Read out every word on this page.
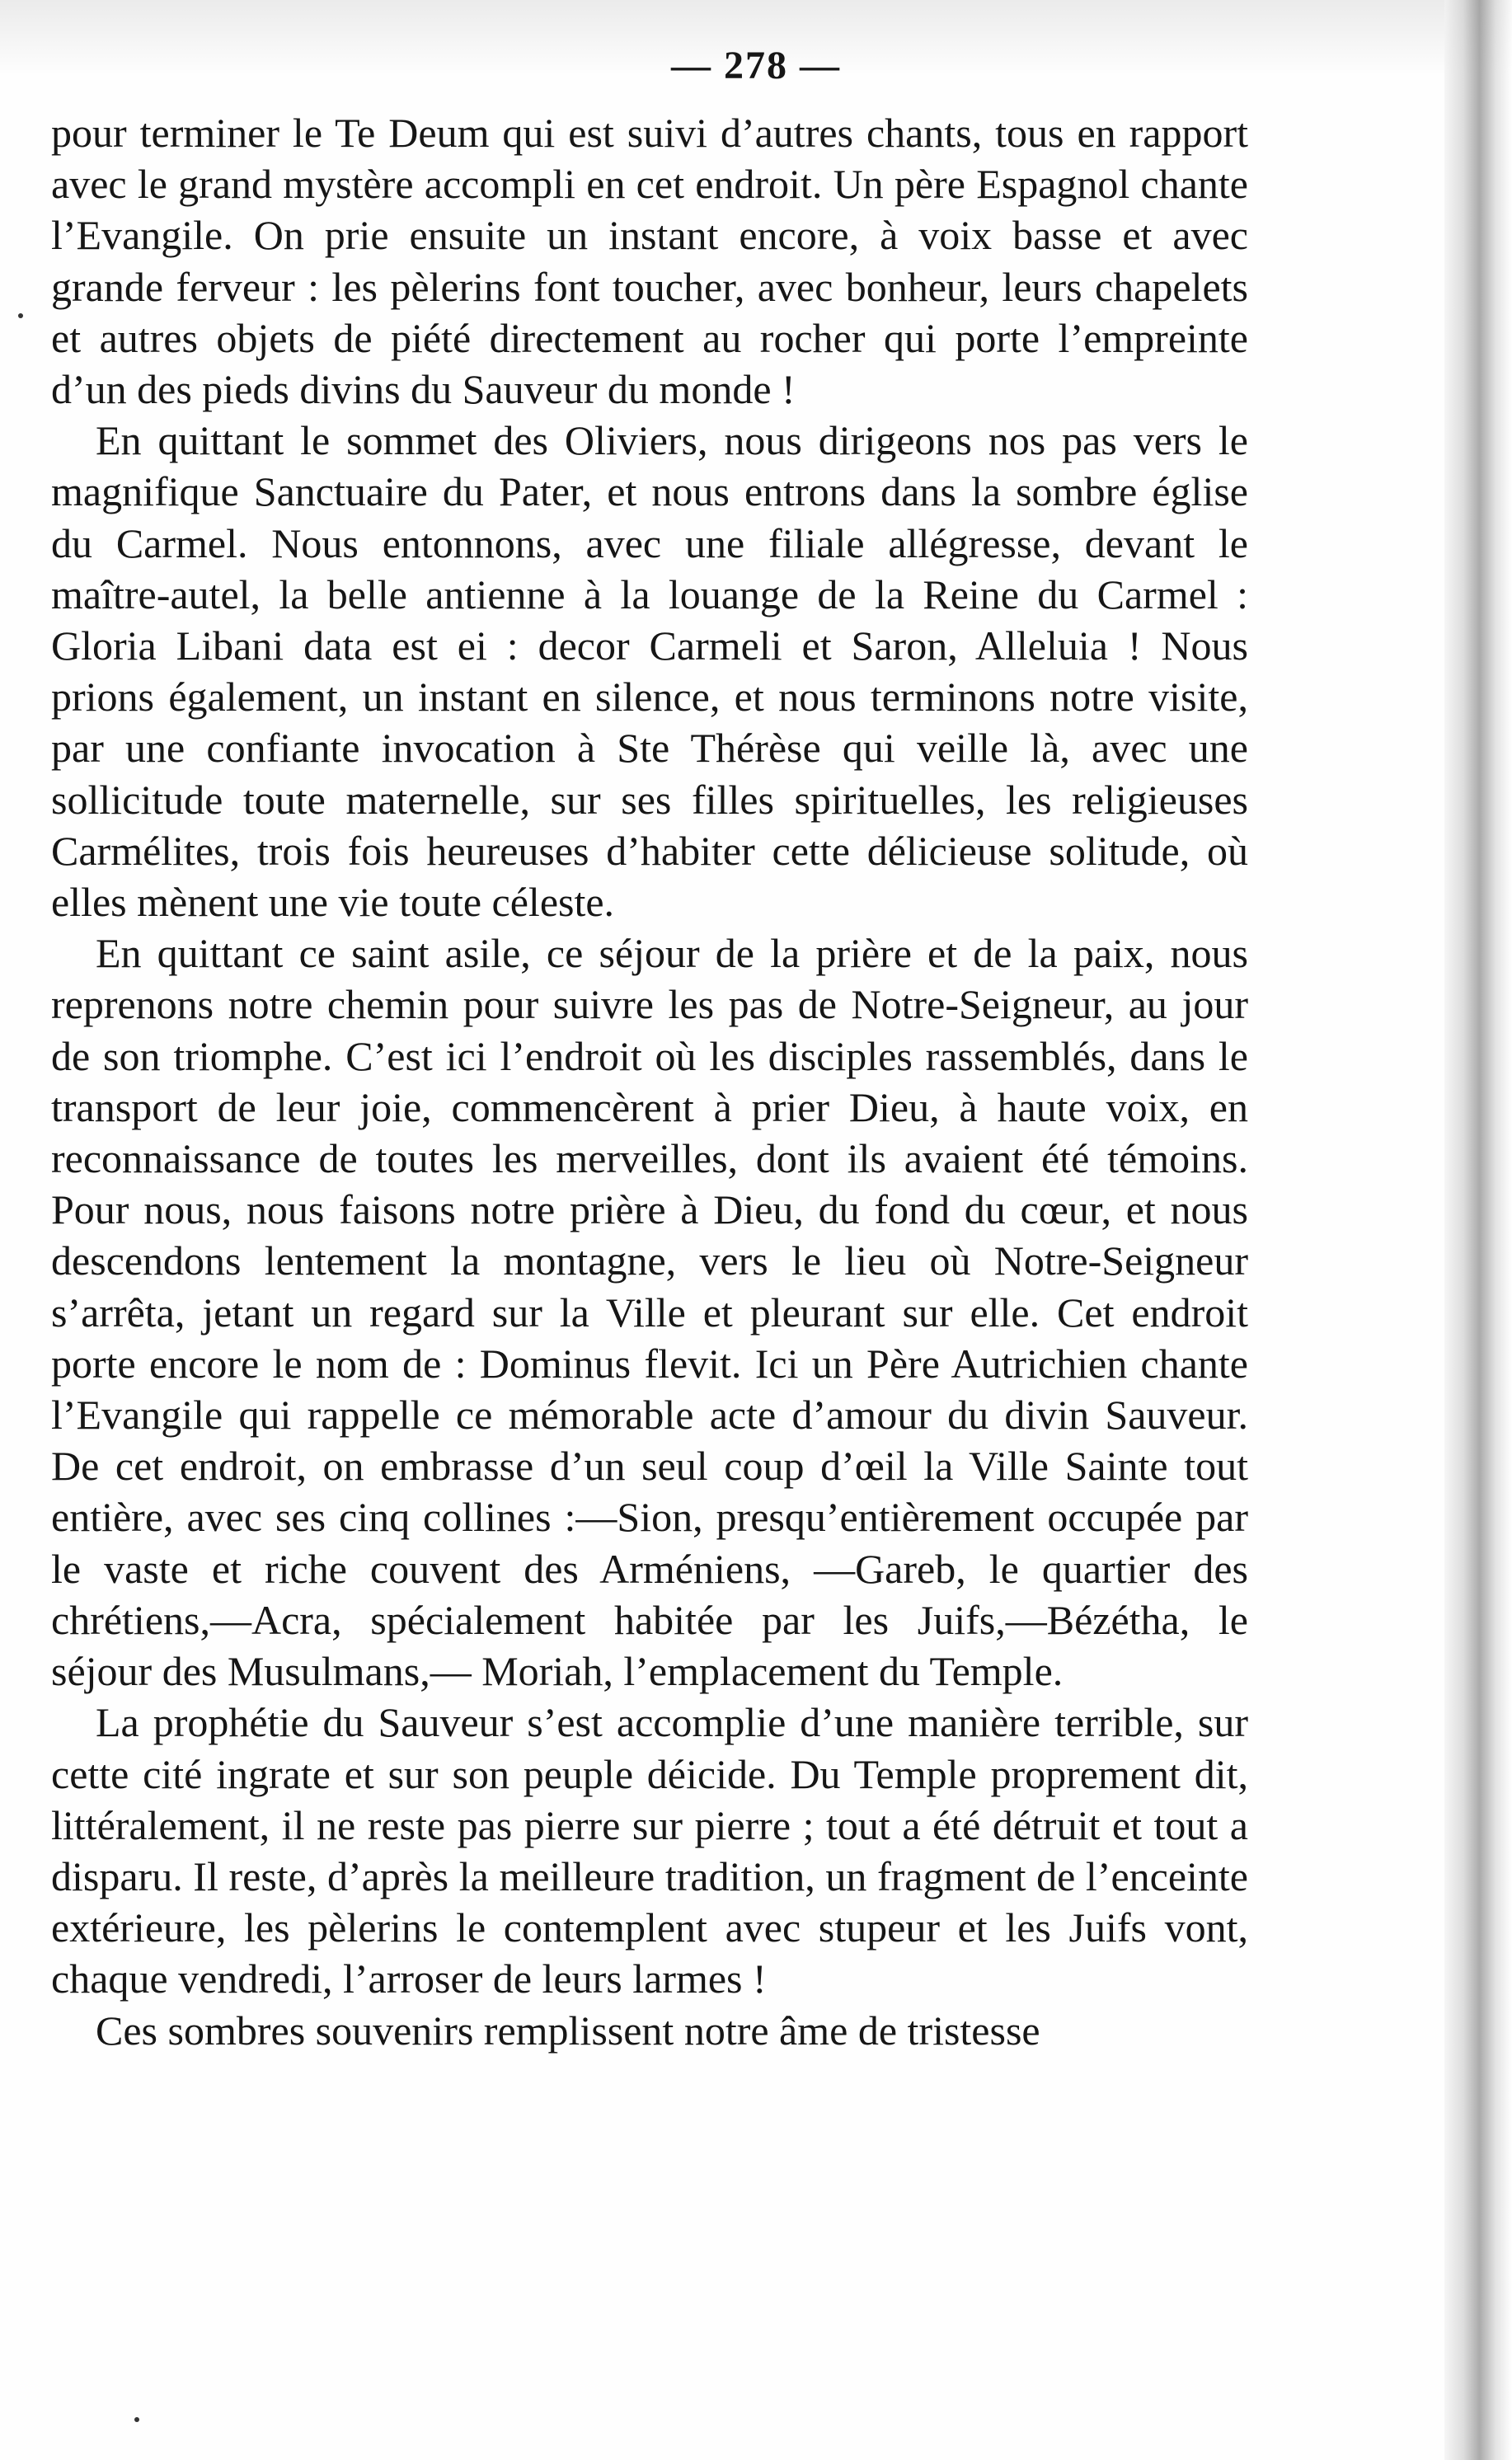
— 278 —

pour terminer le Te Deum qui est suivi d’autres chants, tous en rapport avec le grand mystère accompli en cet endroit. Un père Espagnol chante l’Evangile. On prie ensuite un instant encore, à voix basse et avec grande ferveur : les pèlerins font toucher, avec bonheur, leurs chapelets et autres objets de piété directement au rocher qui porte l’empreinte d’un des pieds divins du Sauveur du monde !

En quittant le sommet des Oliviers, nous dirigeons nos pas vers le magnifique Sanctuaire du Pater, et nous entrons dans la sombre église du Carmel. Nous entonnons, avec une filiale allégresse, devant le maître-autel, la belle antienne à la louange de la Reine du Carmel : Gloria Libani data est ei : decor Carmeli et Saron, Alleluia ! Nous prions également, un instant en silence, et nous terminons notre visite, par une confiante invocation à Ste Thérèse qui veille là, avec une sollicitude toute maternelle, sur ses filles spirituelles, les religieuses Carmélites, trois fois heureuses d’habiter cette délicieuse solitude, où elles mènent une vie toute céleste.

En quittant ce saint asile, ce séjour de la prière et de la paix, nous reprenons notre chemin pour suivre les pas de Notre-Seigneur, au jour de son triomphe. C’est ici l’endroit où les disciples rassemblés, dans le transport de leur joie, commencèrent à prier Dieu, à haute voix, en reconnaissance de toutes les merveilles, dont ils avaient été témoins. Pour nous, nous faisons notre prière à Dieu, du fond du cœur, et nous descendons lentement la montagne, vers le lieu où Notre-Seigneur s’arrêta, jetant un regard sur la Ville et pleurant sur elle. Cet endroit porte encore le nom de : Dominus flevit. Ici un Père Autrichien chante l’Evangile qui rappelle ce mémorable acte d’amour du divin Sauveur. De cet endroit, on embrasse d’un seul coup d’œil la Ville Sainte tout entière, avec ses cinq collines :—Sion, presqu’entièrement occupée par le vaste et riche couvent des Arméniens, —Gareb, le quartier des chrétiens,—Acra, spécialement habitée par les Juifs,—Bézétha, le séjour des Musulmans,— Moriah, l’emplacement du Temple.

La prophétie du Sauveur s’est accomplie d’une manière terrible, sur cette cité ingrate et sur son peuple déicide. Du Temple proprement dit, littéralement, il ne reste pas pierre sur pierre ; tout a été détruit et tout a disparu. Il reste, d’après la meilleure tradition, un fragment de l’enceinte extérieure, les pèlerins le contemplent avec stupeur et les Juifs vont, chaque vendredi, l’arroser de leurs larmes !

Ces sombres souvenirs remplissent notre âme de tristesse
